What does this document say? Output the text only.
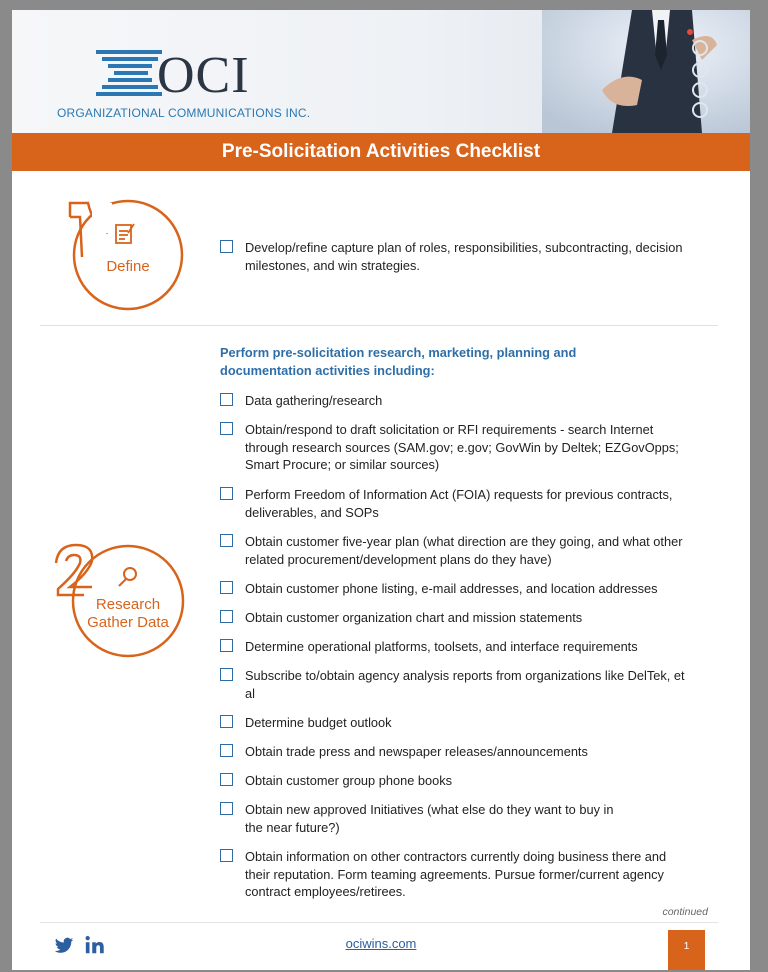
OCI
ORGANIZATIONAL COMMUNICATIONS INC.
Pre-Solicitation Activities Checklist
Define
Develop/refine capture plan of roles, responsibilities, subcontracting, decision milestones, and win strategies.
Perform pre-solicitation research, marketing, planning and documentation activities including:
Research
Gather Data
Data gathering/research
Obtain/respond to draft solicitation or RFI requirements - search Internet through research sources (SAM.gov; e.gov; GovWin by Deltek; EZGovOpps; Smart Procure; or similar sources)
Perform Freedom of Information Act (FOIA) requests for previous contracts, deliverables, and SOPs
Obtain customer five-year plan (what direction are they going, and what other related procurement/development plans do they have)
Obtain customer phone listing, e-mail addresses, and location addresses
Obtain customer organization chart and mission statements
Determine operational platforms, toolsets, and interface requirements
Subscribe to/obtain agency analysis reports from organizations like DelTek, et al
Determine budget outlook
Obtain trade press and newspaper releases/announcements
Obtain customer group phone books
Obtain new approved Initiatives (what else do they want to buy in the near future?)
Obtain information on other contractors currently doing business there and their reputation. Form teaming agreements. Pursue former/current agency contract employees/retirees.
continued
ociwins.com	1
